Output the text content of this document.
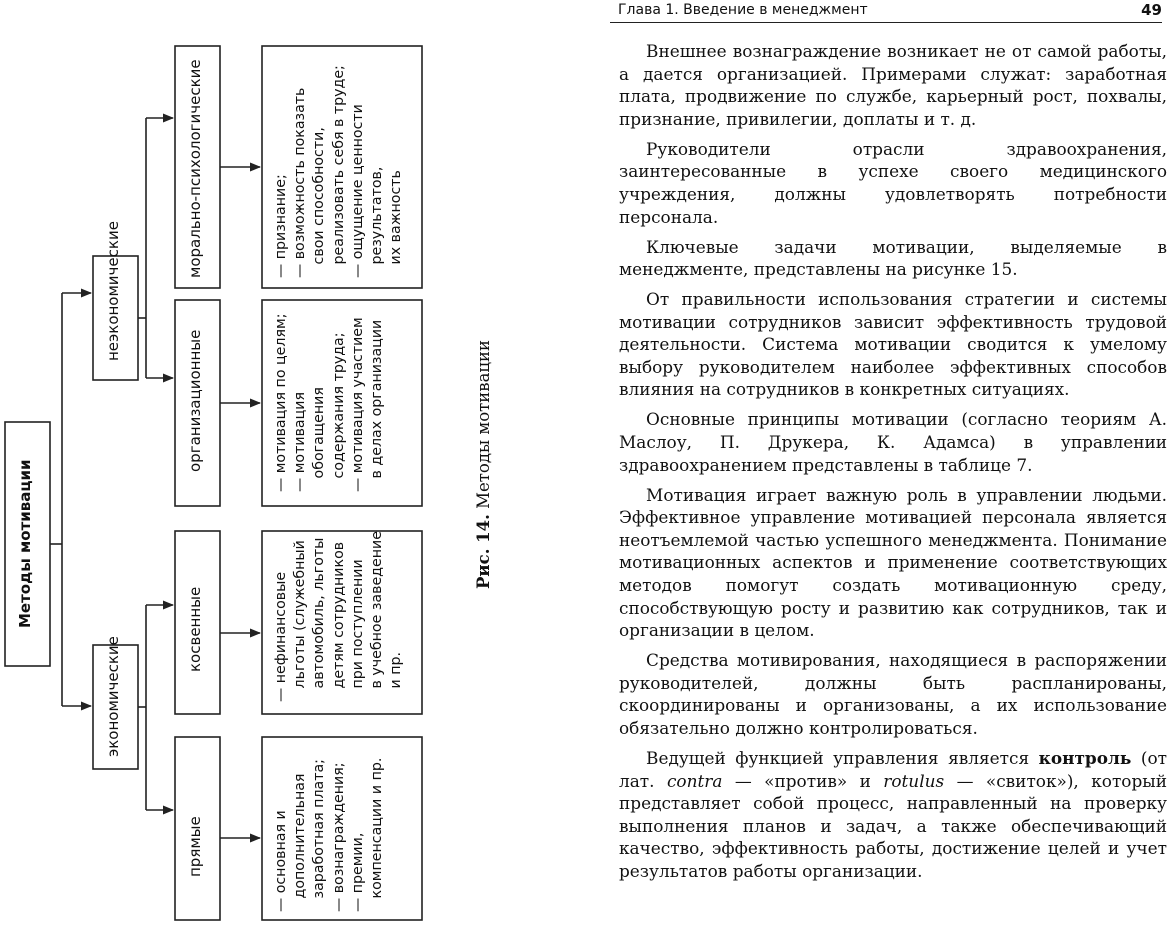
Методы мотивации
неэкономические
экономические
морально-психологические
организационные
косвенные
прямые
— признание;
— возможность показать
свои способности,
реализовать себя в труде;
— ощущение ценности
результатов,
их важность
— мотивация по целям;
— мотивация
обогащения
содержания труда;
— мотивация участием
в делах организации
— нефинансовые
льготы (служебный
автомобиль, льготы
детям сотрудников
при поступлении
в учебное заведение
и пр.
— основная и
дополнительная
заработная плата;
— вознаграждения;
— премии,
компенсации и пр.
Рис. 14. Методы мотивации
Глава 1. Введение в менеджмент	49

Внешнее вознаграждение возникает не от самой работы, а дается организацией. Примерами служат: заработная плата, продвижение по службе, карьерный рост, похвалы, признание, привилегии, доплаты и т. д.

Руководители отрасли здравоохранения, заинтересованные в успехе своего медицинского учреждения, должны удовлетворять потребности персонала.

Ключевые задачи мотивации, выделяемые в менеджменте, представлены на рисунке 15.

От правильности использования стратегии и системы мотивации сотрудников зависит эффективность трудовой деятельности. Система мотивации сводится к умелому выбору руководителем наиболее эффективных способов влияния на сотрудников в конкретных ситуациях.

Основные принципы мотивации (согласно теориям А. Маслоу, П. Друкера, К. Адамса) в управлении здравоохранением представлены в таблице 7.

Мотивация играет важную роль в управлении людьми. Эффективное управление мотивацией персонала является неотъемлемой частью успешного менеджмента. Понимание мотивационных аспектов и применение соответствующих методов помогут создать мотивационную среду, способствующую росту и развитию как сотрудников, так и организации в целом.

Средства мотивирования, находящиеся в распоряжении руководителей, должны быть распланированы, скоординированы и организованы, а их использование обязательно должно контролироваться.

Ведущей функцией управления является контроль (от лат. contra — «против» и rotulus — «свиток»), который представляет собой процесс, направленный на проверку выполнения планов и задач, а также обеспечивающий качество, эффективность работы, достижение целей и учет результатов работы организации.
